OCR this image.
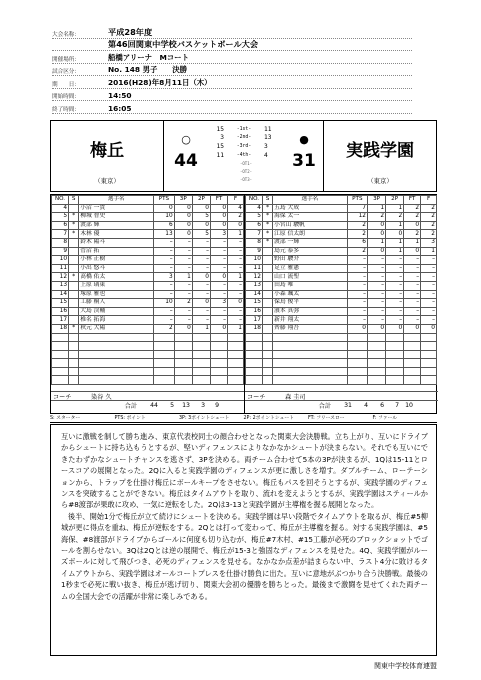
大会名称：	平成28年度
第46回関東中学校バスケットボール大会
開催場所：	船橋アリーナ　Mコート
試合区分：	No. 148 男子　　決勝
期　　日：	2016(H28)年8月11日（木）
開始時間：	14:50
終了時間：	16:05
梅丘
（東京）
○
44
15	-1st-	11
3	-2nd-	13
15	-3rd-	3
11	-4th-	4
-OT1-
-OT2-
-OT3-
●
31	実践学園
（東京）
NO.	S	選手名	PTS	3P	2P	FT	F
4		小沼 一貴	0	0	0	0	4
5	*	柳城 智史	10	0	5	0	2
6	*	渡部 輝	6	0	0	0	0
7	*	木林 優	13	0	5	3	1
8		鈴木 陽斗	–	–	–	–	–
9		菅沼 拓	–	–	–	–	–
10		小林 正樹	–	–	–	–	–
11		小出 悠斗	–	–	–	–	–
12	*	髙橋 佑太	3	1	0	0	1
13		上原 璃東	–	–	–	–	–
14		塚原 雅也	–	–	–	–	–
15		工藤 桐人	10	2	0	3	0
16		大島 渓輔	–	–	–	–	–
17		椎名 拓海	–	–	–	–	–
18	*	秋元 大陽	2	0	1	0	1

コーチ	染谷 久
合計	44	5	13	3	9
NO.	S	選手名	PTS	3P	2P	FT	F
4	*	五島 大成	7	1	1	2	2
5	*	海保 太一	12	2	2	2	2
6	*	小宮山 駿帆	2	0	1	0	2
7	*	江原 信太朗	2	0	0	2	2
8	*	渡部 一輝	6	1	1	1	3
9		島元 泰多	2	0	1	0	1
10		野田 駿介	–	–	–	–	–
11		足立 雅憲	–	–	–	–	–
12		山口 流聖	–	–	–	–	–
13		田島 唯	–	–	–	–	–
14		小森 颯太	–	–	–	–	–
15		保鳥 俊平	–	–	–	–	–
16		濱本 真弥	–	–	–	–	–
17		新井 翔太	–	–	–	–	–
18		齊藤 翔吾	0	0	0	0	0

コーチ	森 圭司
合計	31	4	6	7 10
S: スターター	PTS: ポイント	3P: 3ポイントシュート	2P: 2ポイントシュート	FT: フリースロー	F: ファール

互いに激戦を制して勝ち進み、東京代表校同士の顔合わせとなった関東大会決勝戦。立ち上がり、互いにドライブからシュートに持ち込もうとするが、堅いディフェンスによりなかなかシュートが決まらない。それでも互いにできたわずかなシュートチャンスを逃さず、3Pを決める。両チーム合わせて5本の3Pが決まるが、1Qは15-11とロースコアの展開となった。2Qに入ると実践学園のディフェンスが更に激しさを増す。ダブルチーム、ローテーションから、トラップを仕掛け梅丘にボールキープをさせない。梅丘もパスを回そうとするが、実践学園のディフェンスを突破することができない。梅丘はタイムアウトを取り、流れを変えようとするが、実践学園はスティールから#8渡部が果敢に攻め、一気に逆転をした。2Qは3-13と実践学園が主導権を握る展開となった。

後半、開始1分で梅丘が立て続けにシュートを決める。実践学園は早い段階でタイムアウトを取るが、梅丘#5柳城が更に得点を重ね、梅丘が逆転をする。2Qとは打って変わって、梅丘が主導権を握る。対する実践学園は、#5海保、#8渡部がドライブからゴールに何度も切り込むが、梅丘#7木村、#15工藤が必死のブロックショットでゴールを割らせない。3Qは2Qとは逆の展開で、梅丘が15-3と強固なディフェンスを見せた。4Q、実践学園がルーズボールに対して飛びつき、必死のディフェンスを見せる。なかなか点差が詰まらない中、ラスト4分に敗けるタイムアウトから、実践学園はオールコートプレスを仕掛け勝負に出た。互いに意地がぶつかり合う決勝戦。最後の1秒まで必死に戦い抜き、梅丘が逃げ切り、関東大会初の優勝を勝ちとった。最後まで激闘を見せてくれた両チームの全国大会での活躍が非常に楽しみである。

関東中学校体育連盟
